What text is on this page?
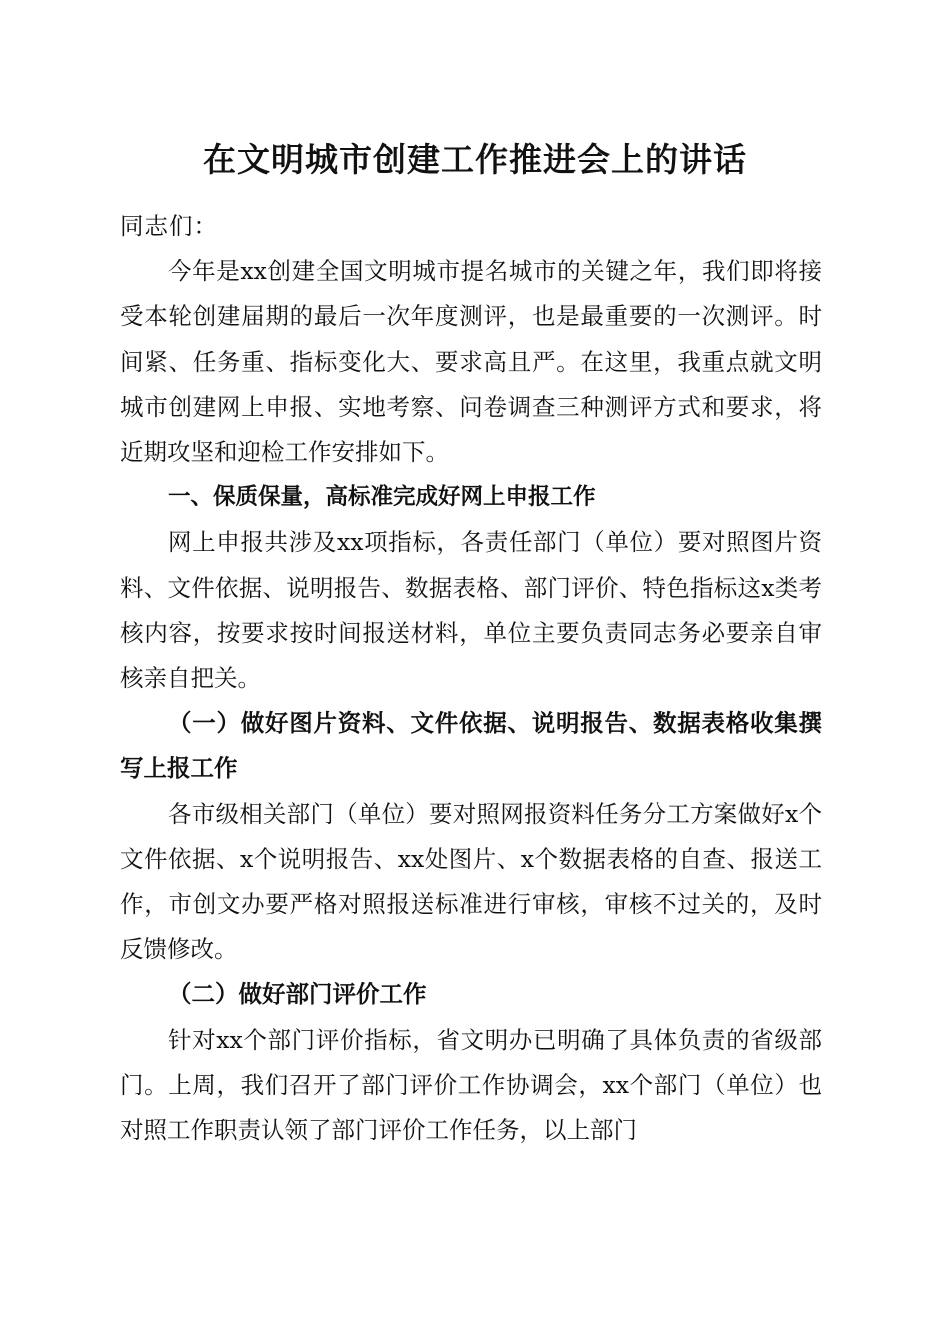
在文明城市创建工作推进会上的讲话

同志们：

今年是xx创建全国文明城市提名城市的关键之年，我们即将接受本轮创建届期的最后一次年度测评，也是最重要的一次测评。时间紧、任务重、指标变化大、要求高且严。在这里，我重点就文明城市创建网上申报、实地考察、问卷调查三种测评方式和要求，将近期攻坚和迎检工作安排如下。

一、保质保量，高标准完成好网上申报工作

网上申报共涉及xx项指标，各责任部门（单位）要对照图片资料、文件依据、说明报告、数据表格、部门评价、特色指标这x类考核内容，按要求按时间报送材料，单位主要负责同志务必要亲自审核亲自把关。

（一）做好图片资料、文件依据、说明报告、数据表格收集撰写上报工作

各市级相关部门（单位）要对照网报资料任务分工方案做好x个文件依据、x个说明报告、xx处图片、x个数据表格的自查、报送工作，市创文办要严格对照报送标准进行审核，审核不过关的，及时反馈修改。

（二）做好部门评价工作

针对xx个部门评价指标，省文明办已明确了具体负责的省级部门。上周，我们召开了部门评价工作协调会，xx个部门（单位）也对照工作职责认领了部门评价工作任务，以上部门
